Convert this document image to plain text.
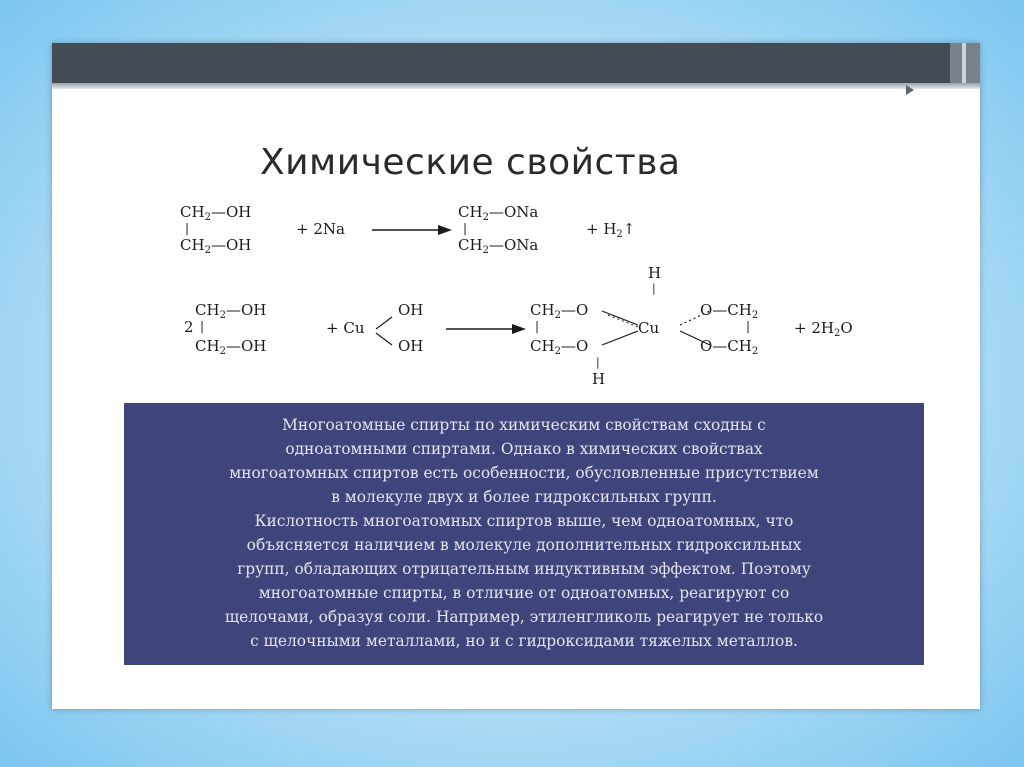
Химические свойства
$CH_2—OH$
|
$CH_2—OH$
+ 2Na
$CH_2—ONa$
|
$CH_2—ONa$
+ $H_2↑$
H
|
2
$CH_2—OH$
|
$CH_2—OH$
+ Cu
OH
OH
$CH_2—O$
|
$CH_2—O$
Cu
$O—CH_2$
|
$O—CH_2$
+ $2H_2O$
|
H

Многоатомные спирты по химическим свойствам сходны с
одноатомными спиртами. Однако в химических свойствах
многоатомных спиртов есть особенности, обусловленные присутствием
в молекуле двух и более гидроксильных групп.
Кислотность многоатомных спиртов выше, чем одноатомных, что
объясняется наличием в молекуле дополнительных гидроксильных
групп, обладающих отрицательным индуктивным эффектом. Поэтому
многоатомные спирты, в отличие от одноатомных, реагируют со
щелочами, образуя соли. Например, этиленгликоль реагирует не только
с щелочными металлами, но и с гидроксидами тяжелых металлов.
